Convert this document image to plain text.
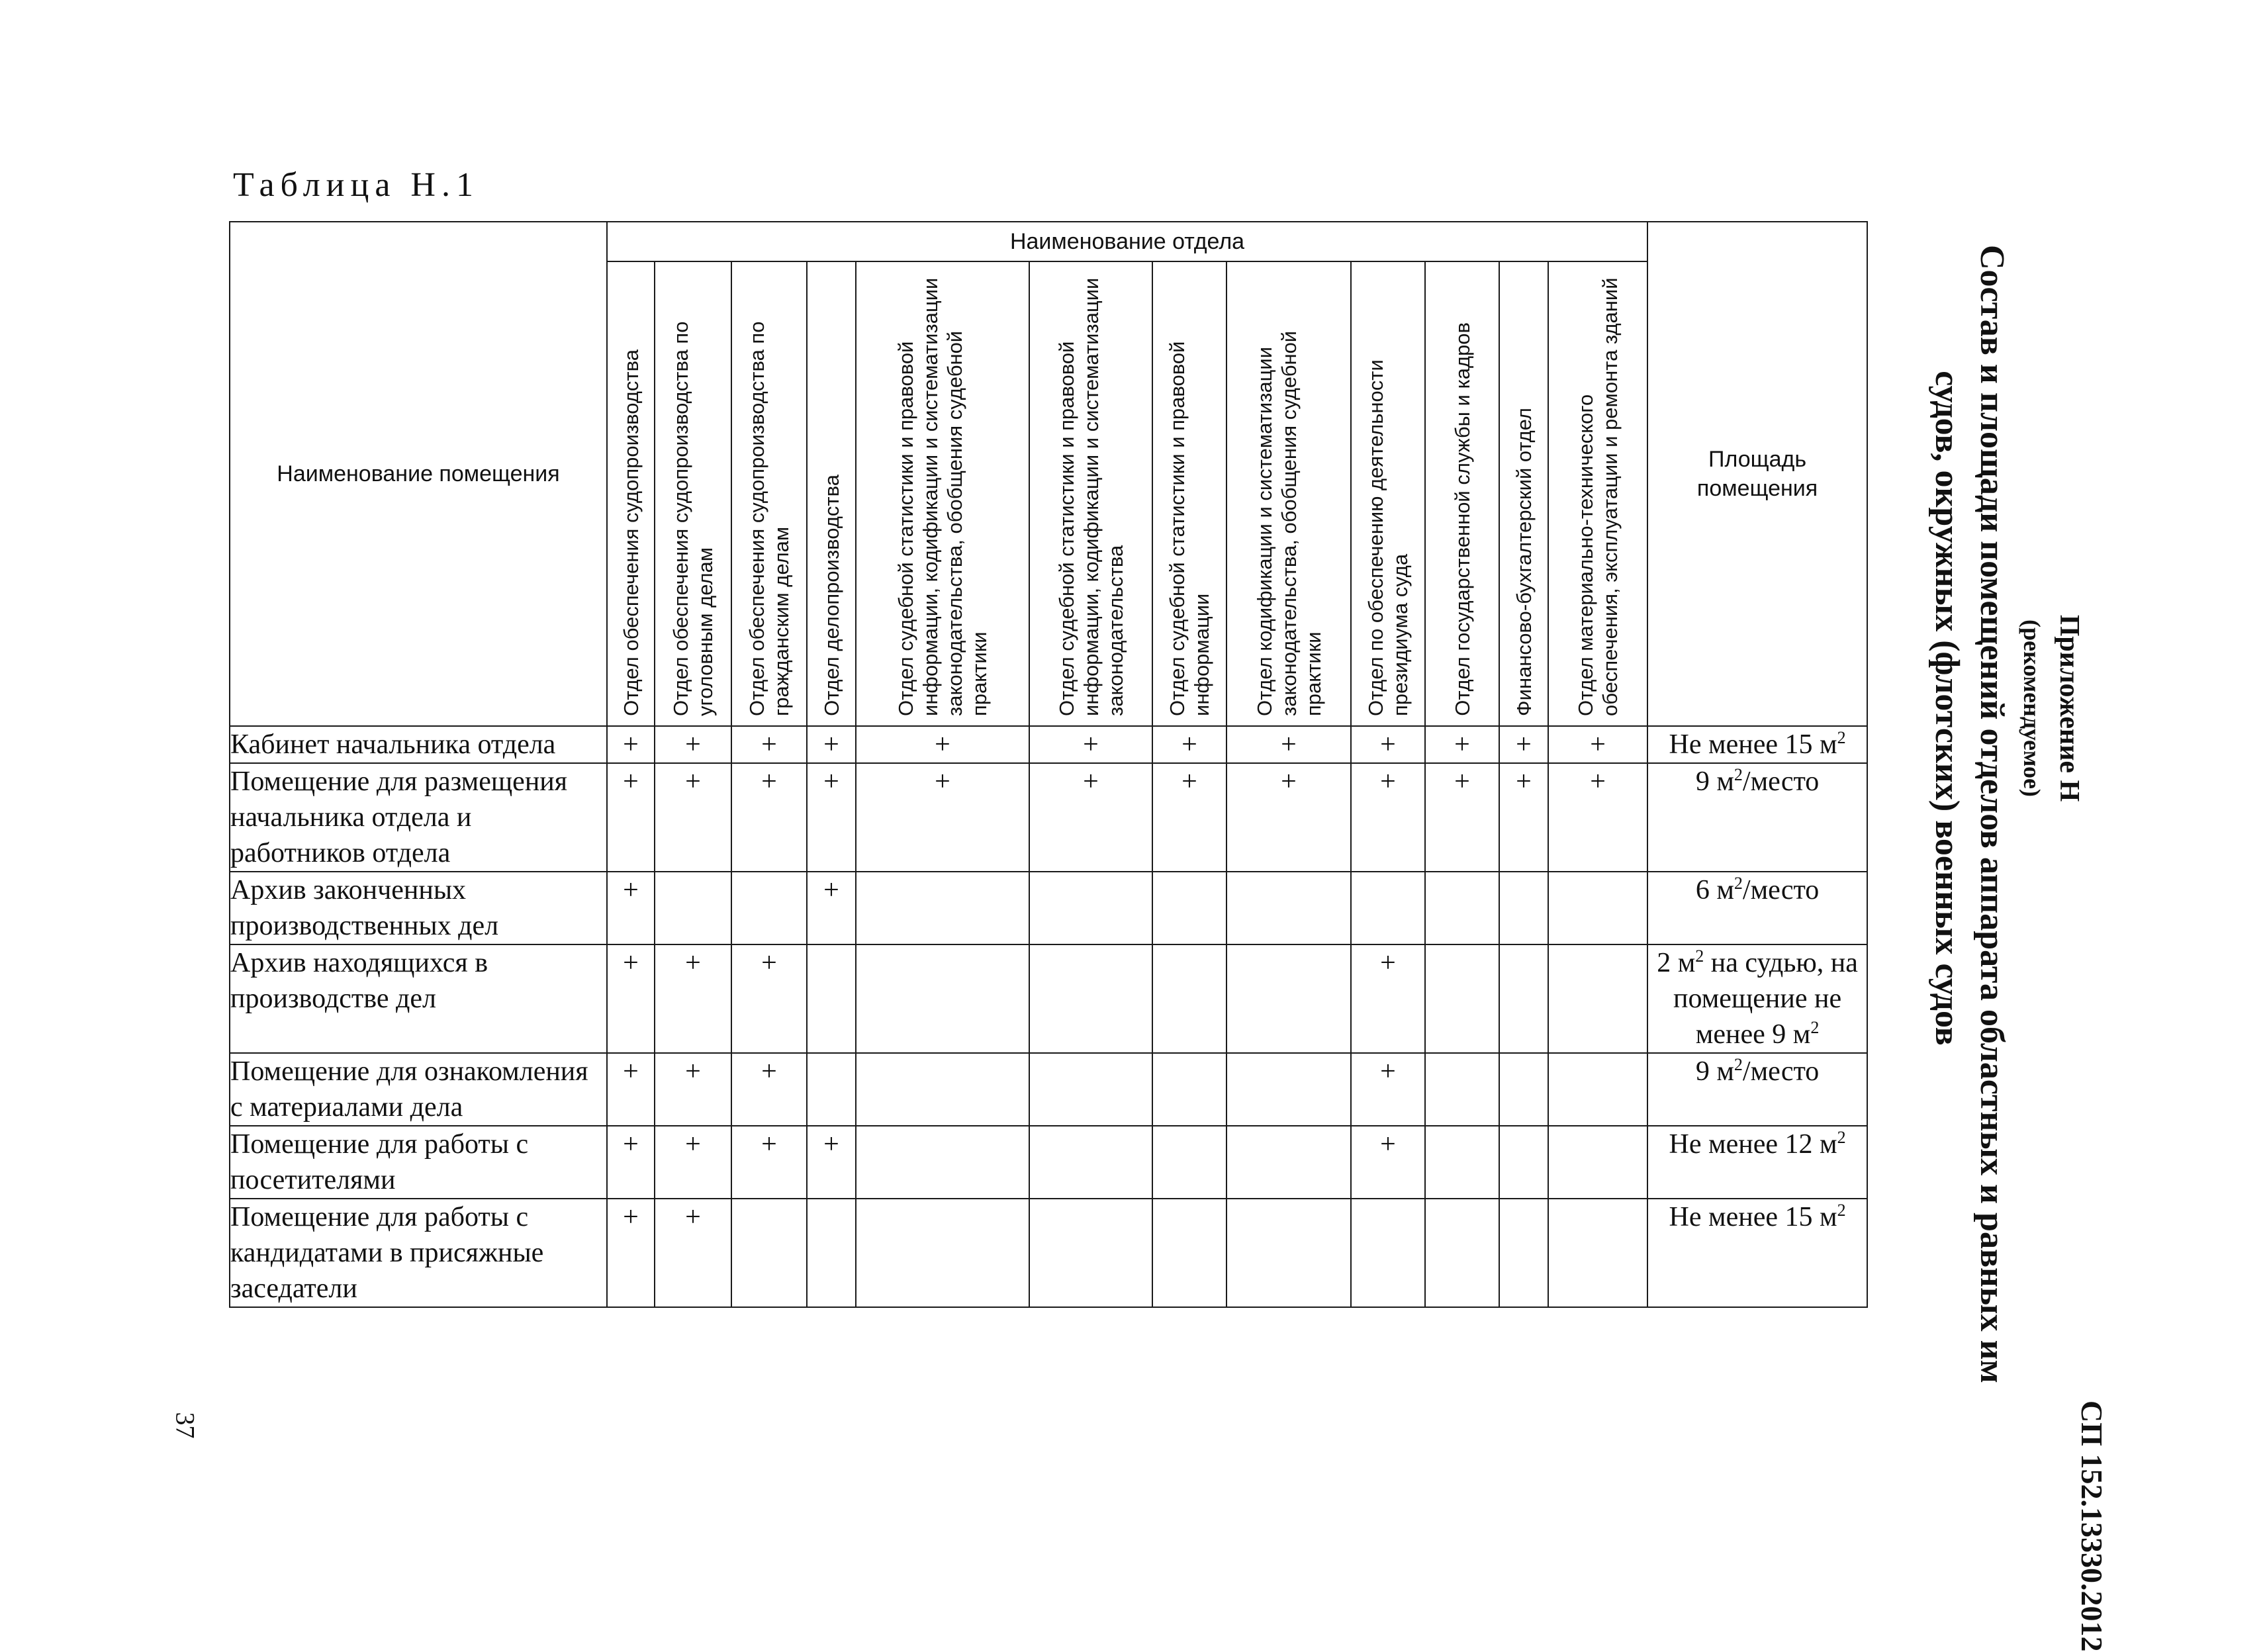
Таблица Н.1
СП 152.13330.2012
Приложение Н
(рекомендуемое)
Состав и площади помещений отделов аппарата областных и равных им
судов, окружных (флотских) военных судов
37
Наименование помещения	Наименование отдела												Площадь
помещения

	Отдел обеспечения судопроизводства	Отдел обеспечения судопроизводства по уголовным делам	Отдел обеспечения судопроизводства по гражданским делам	Отдел делопроизводства	Отдел судебной статистики и правовой информации, кодификации и систематизации законодательства, обобщения судебной практики	Отдел судебной статистики и правовой информации, кодификации и систематизации законодательства	Отдел судебной статистики и правовой информации	Отдел кодификации и систематизации законодательства, обобщения судебной практики	Отдел по обеспечению деятельности президиума суда	Отдел государственной службы и кадров	Финансово-бухгалтерский отдел	Отдел материально-технического обеспечения, эксплуатации и ремонта зданий	

Кабинет начальника отдела	+	+	+	+	+	+	+	+	+	+	+	+	Не менее 15 $м^2$
Помещение для размещения начальника отдела и работников отдела	+	+	+	+	+	+	+	+	+	+	+	+	9 $м^2$/место
Архив законченных производственных дел	+			+									6 $м^2$/место
Архив находящихся в производстве дел	+	+	+						+				2 $м^2$ на судью, на помещение не менее 9 $м^2$
Помещение для ознакомления с материалами дела	+	+	+						+				9 $м^2$/место
Помещение для работы с посетителями	+	+	+	+					+				Не менее 12 $м^2$
Помещение для работы с кандидатами в присяжные заседатели	+	+											Не менее 15 $м^2$
